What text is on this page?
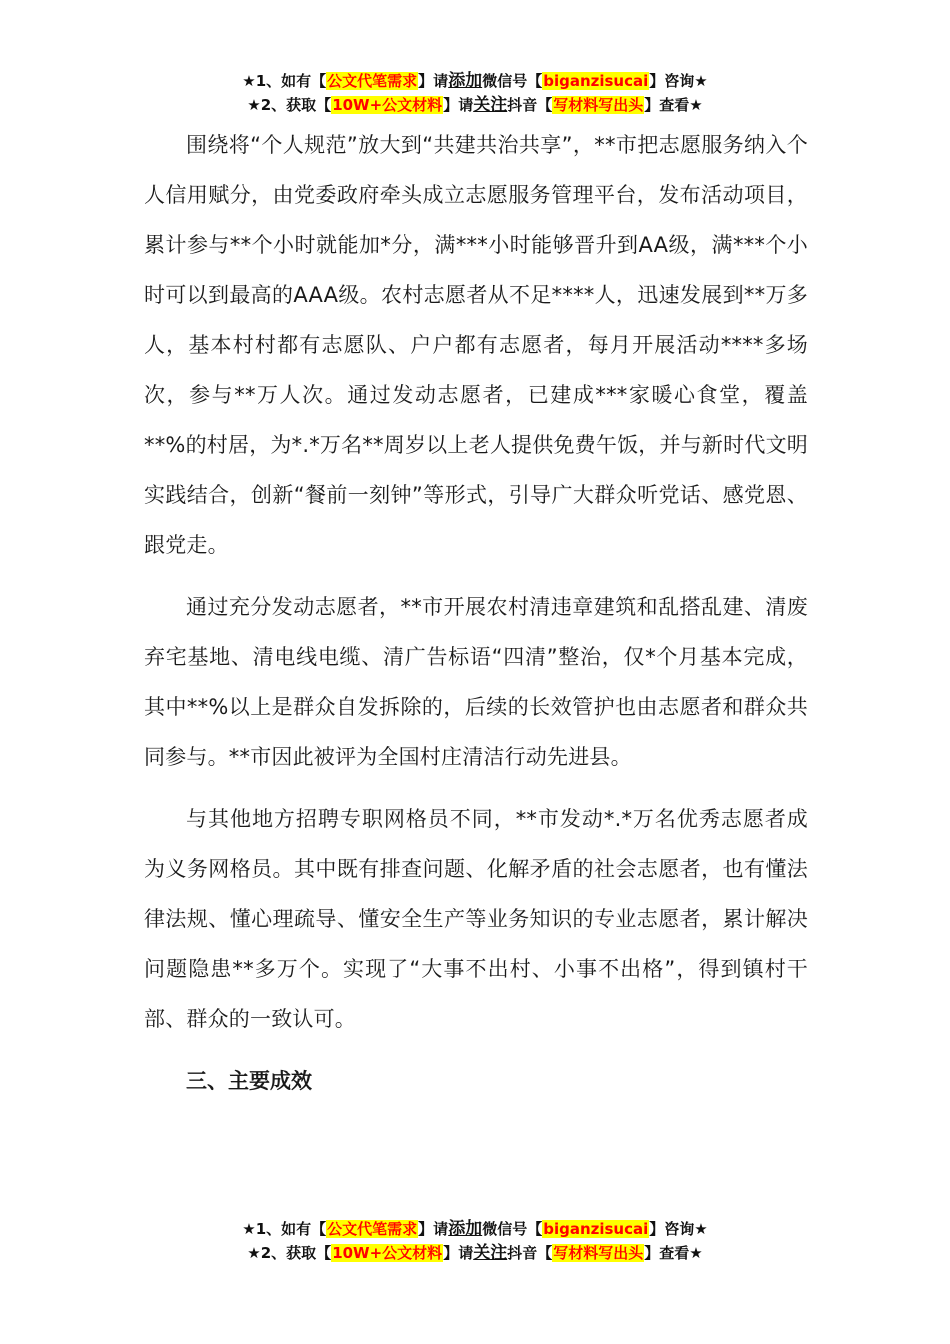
★1、如有【公文代笔需求】请添加微信号【biganzisucai】咨询★
★2、获取【10W+公文材料】请关注抖音【写材料写出头】查看★

围绕将“个人规范”放大到“共建共治共享”，**市把志愿服务纳入个人信用赋分，由党委政府牵头成立志愿服务管理平台，发布活动项目，累计参与**个小时就能加*分，满***小时能够晋升到AA级，满***个小时可以到最高的AAA级。农村志愿者从不足****人，迅速发展到**万多人，基本村村都有志愿队、户户都有志愿者，每月开展活动****多场次，参与**万人次。通过发动志愿者，已建成***家暖心食堂，覆盖**%的村居，为*.*万名**周岁以上老人提供免费午饭，并与新时代文明实践结合，创新“餐前一刻钟”等形式，引导广大群众听党话、感党恩、跟党走。

通过充分发动志愿者，**市开展农村清违章建筑和乱搭乱建、清废弃宅基地、清电线电缆、清广告标语“四清”整治，仅*个月基本完成，其中**%以上是群众自发拆除的，后续的长效管护也由志愿者和群众共同参与。**市因此被评为全国村庄清洁行动先进县。

与其他地方招聘专职网格员不同，**市发动*.*万名优秀志愿者成为义务网格员。其中既有排查问题、化解矛盾的社会志愿者，也有懂法律法规、懂心理疏导、懂安全生产等业务知识的专业志愿者，累计解决问题隐患**多万个。实现了“大事不出村、小事不出格”，得到镇村干部、群众的一致认可。

三、主要成效

★1、如有【公文代笔需求】请添加微信号【biganzisucai】咨询★
★2、获取【10W+公文材料】请关注抖音【写材料写出头】查看★
